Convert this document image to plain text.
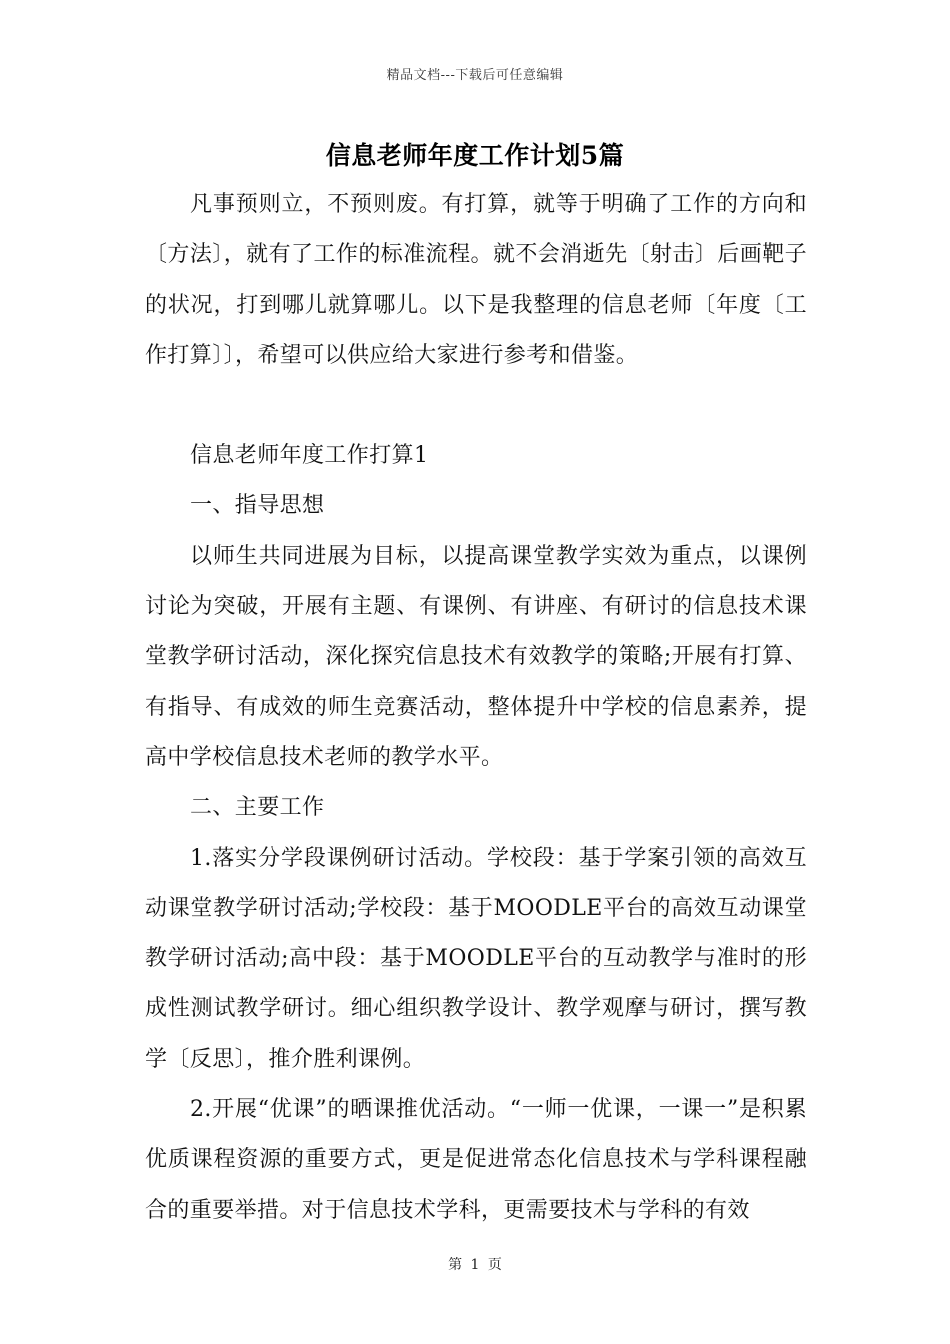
精品文档---下载后可任意编辑
信息老师年度工作计划5篇

凡事预则立，不预则废。有打算，就等于明确了工作的方向和〔方法〕，就有了工作的标准流程。就不会消逝先〔射击〕后画靶子的状况，打到哪儿就算哪儿。以下是我整理的信息老师〔年度〔工作打算〕〕，希望可以供应给大家进行参考和借鉴。

信息老师年度工作打算1

一、指导思想

以师生共同进展为目标，以提高课堂教学实效为重点，以课例讨论为突破，开展有主题、有课例、有讲座、有研讨的信息技术课堂教学研讨活动，深化探究信息技术有效教学的策略;开展有打算、有指导、有成效的师生竞赛活动，整体提升中学校的信息素养，提高中学校信息技术老师的教学水平。

二、主要工作

1.落实分学段课例研讨活动。学校段：基于学案引领的高效互动课堂教学研讨活动;学校段：基于MOODLE平台的高效互动课堂教学研讨活动;高中段：基于MOODLE平台的互动教学与准时的形成性测试教学研讨。细心组织教学设计、教学观摩与研讨，撰写教学〔反思〕，推介胜利课例。

2.开展“优课”的晒课推优活动。“一师一优课，一课一”是积累优质课程资源的重要方式，更是促进常态化信息技术与学科课程融合的重要举措。对于信息技术学科，更需要技术与学科的有效

第 1 页
